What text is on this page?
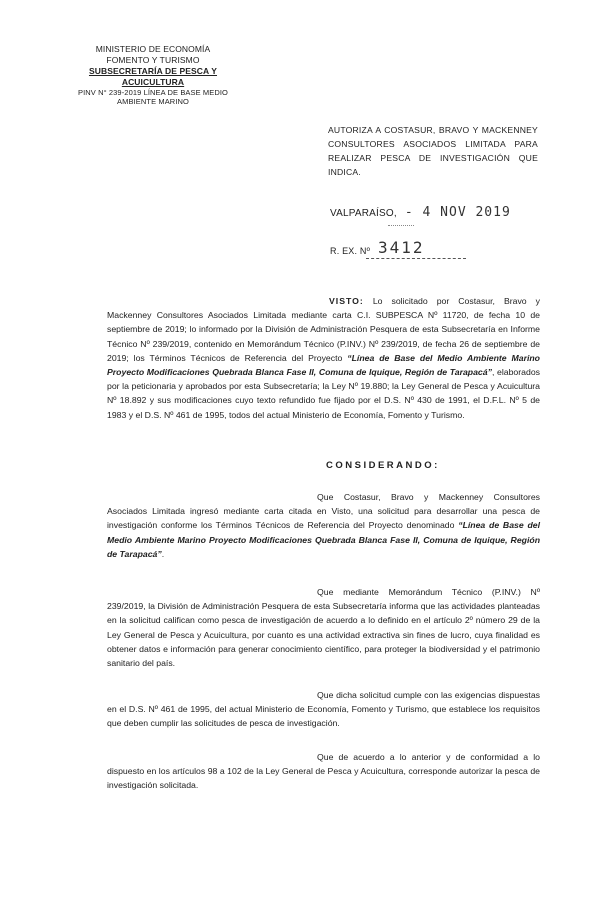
MINISTERIO DE ECONOMÍA
FOMENTO Y TURISMO
SUBSECRETARÍA DE PESCA Y ACUICULTURA
PINV N° 239-2019 LÍNEA DE BASE MEDIO
AMBIENTE MARINO
AUTORIZA A COSTASUR, BRAVO Y MACKENNEY CONSULTORES ASOCIADOS LIMITADA PARA REALIZAR PESCA DE INVESTIGACIÓN QUE INDICA.
VALPARAÍSO, - 4 NOV 2019
R. EX. Nº 3412
VISTO: Lo solicitado por Costasur, Bravo y Mackenney Consultores Asociados Limitada mediante carta C.I. SUBPESCA Nº 11720, de fecha 10 de septiembre de 2019; lo informado por la División de Administración Pesquera de esta Subsecretaría en Informe Técnico Nº 239/2019, contenido en Memorándum Técnico (P.INV.) Nº 239/2019, de fecha 26 de septiembre de 2019; los Términos Técnicos de Referencia del Proyecto “Línea de Base del Medio Ambiente Marino Proyecto Modificaciones Quebrada Blanca Fase II, Comuna de Iquique, Región de Tarapacá”, elaborados por la peticionaria y aprobados por esta Subsecretaría; la Ley Nº 19.880; la Ley General de Pesca y Acuicultura Nº 18.892 y sus modificaciones cuyo texto refundido fue fijado por el D.S. Nº 430 de 1991, el D.F.L. Nº 5 de 1983 y el D.S. Nº 461 de 1995, todos del actual Ministerio de Economía, Fomento y Turismo.
CONSIDERANDO:
Que Costasur, Bravo y Mackenney Consultores Asociados Limitada ingresó mediante carta citada en Visto, una solicitud para desarrollar una pesca de investigación conforme los Términos Técnicos de Referencia del Proyecto denominado “Línea de Base del Medio Ambiente Marino Proyecto Modificaciones Quebrada Blanca Fase II, Comuna de Iquique, Región de Tarapacá”.
Que mediante Memorándum Técnico (P.INV.) Nº 239/2019, la División de Administración Pesquera de esta Subsecretaría informa que las actividades planteadas en la solicitud califican como pesca de investigación de acuerdo a lo definido en el artículo 2º número 29 de la Ley General de Pesca y Acuicultura, por cuanto es una actividad extractiva sin fines de lucro, cuya finalidad es obtener datos e información para generar conocimiento científico, para proteger la biodiversidad y el patrimonio sanitario del país.
Que dicha solicitud cumple con las exigencias dispuestas en el D.S. Nº 461 de 1995, del actual Ministerio de Economía, Fomento y Turismo, que establece los requisitos que deben cumplir las solicitudes de pesca de investigación.
Que de acuerdo a lo anterior y de conformidad a lo dispuesto en los artículos 98 a 102 de la Ley General de Pesca y Acuicultura, corresponde autorizar la pesca de investigación solicitada.
